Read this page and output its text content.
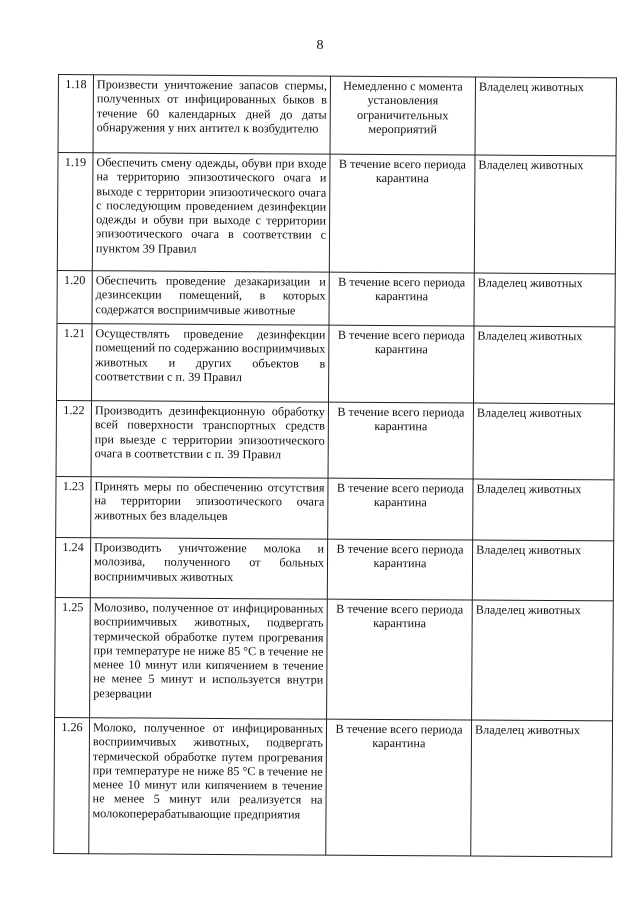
8
1.18	Произвести уничтожение запасов спермы, полученных от инфицированных быков в течение 60 календарных дней до даты обнаружения у них антител к возбудителю	Немедленно с момента установления ограничительных мероприятий	Владелец животных
1.19	Обеспечить смену одежды, обуви при входе на территорию эпизоотического очага и выходе с территории эпизоотического очага с последующим проведением дезинфекции одежды и обуви при выходе с территории эпизоотического очага в соответствии с пунктом 39 Правил	В течение всего периода карантина	Владелец животных
1.20	Обеспечить проведение дезакаризации и дезинсекции помещений, в которых содержатся восприимчивые животные	В течение всего периода карантина	Владелец животных
1.21	Осуществлять проведение дезинфекции помещений по содержанию восприимчивых животных и других объектов в соответствии с п. 39 Правил	В течение всего периода карантина	Владелец животных
1.22	Производить дезинфекционную обработку всей поверхности транспортных средств при выезде с территории эпизоотического очага в соответствии с п. 39 Правил	В течение всего периода карантина	Владелец животных
1.23	Принять меры по обеспечению отсутствия на территории эпизоотического очага животных без владельцев	В течение всего периода карантина	Владелец животных
1.24	Производить уничтожение молока и молозива, полученного от больных восприимчивых животных	В течение всего периода карантина	Владелец животных
1.25	Молозиво, полученное от инфицированных восприимчивых животных, подвергать термической обработке путем прогревания при температуре не ниже 85 °С в течение не менее 10 минут или кипячением в течение не менее 5 минут и используется внутри резервации	В течение всего периода карантина	Владелец животных
1.26	Молоко, полученное от инфицированных восприимчивых животных, подвергать термической обработке путем прогревания при температуре не ниже 85 °С в течение не менее 10 минут или кипячением в течение не менее 5 минут или реализуется на молокоперерабатывающие предприятия	В течение всего периода карантина	Владелец животных
